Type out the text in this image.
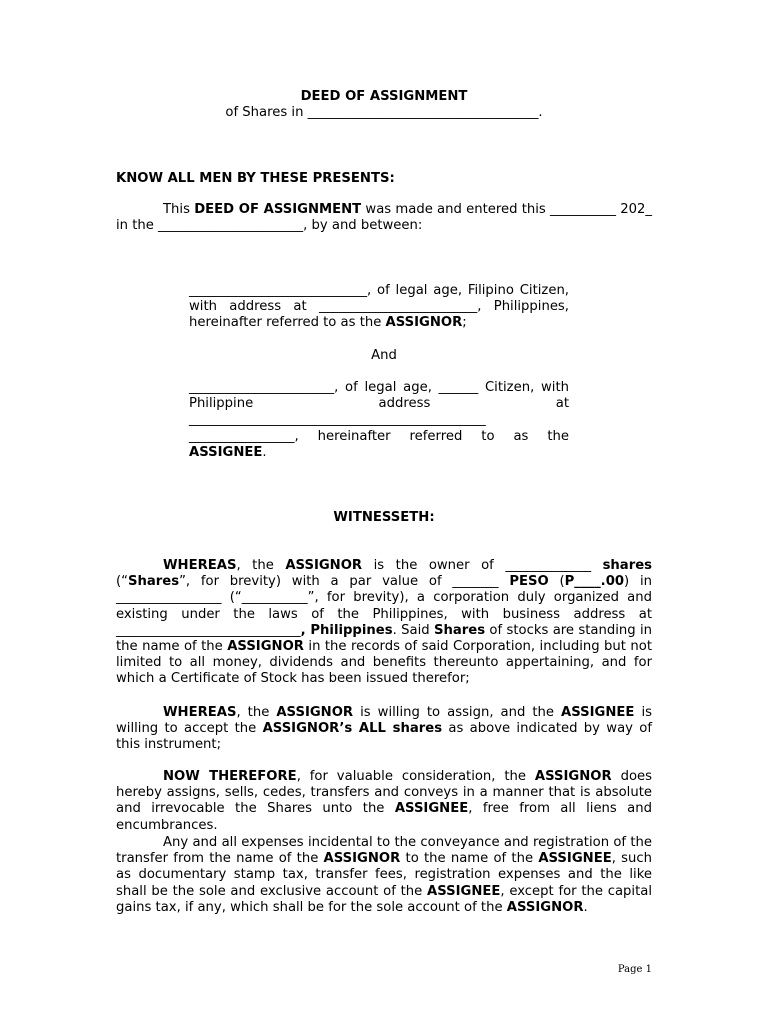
DEED OF ASSIGNMENT
of Shares in ___________________________________.
KNOW ALL MEN BY THESE PRESENTS:

This DEED OF ASSIGNMENT was made and entered this __________ 202_ in the ______________________, by and between:

___________________________, of legal age, Filipino Citizen, with address at ________________________, Philippines, hereinafter referred to as the ASSIGNOR;

And

______________________, of legal age, ______ Citizen, with Philippine address at _____________________________________________ ________________, hereinafter referred to as the ASSIGNEE.

WITNESSETH:

WHEREAS, the ASSIGNOR is the owner of _____________ shares (“Shares”, for brevity) with a par value of _______ PESO (P____.00) in ________________ (“__________”, for brevity), a corporation duly organized and existing under the laws of the Philippines, with business address at ____________________________, Philippines. Said Shares of stocks are standing in the name of the ASSIGNOR in the records of said Corporation, including but not limited to all money, dividends and benefits thereunto appertaining, and for which a Certificate of Stock has been issued therefor;

WHEREAS, the ASSIGNOR is willing to assign, and the ASSIGNEE is willing to accept the ASSIGNOR’s ALL shares as above indicated by way of this instrument;

NOW THEREFORE, for valuable consideration, the ASSIGNOR does hereby assigns, sells, cedes, transfers and conveys in a manner that is absolute and irrevocable the Shares unto the ASSIGNEE, free from all liens and encumbrances.

Any and all expenses incidental to the conveyance and registration of the transfer from the name of the ASSIGNOR to the name of the ASSIGNEE, such as documentary stamp tax, transfer fees, registration expenses and the like shall be the sole and exclusive account of the ASSIGNEE, except for the capital gains tax, if any, which shall be for the sole account of the ASSIGNOR.

Page 1
